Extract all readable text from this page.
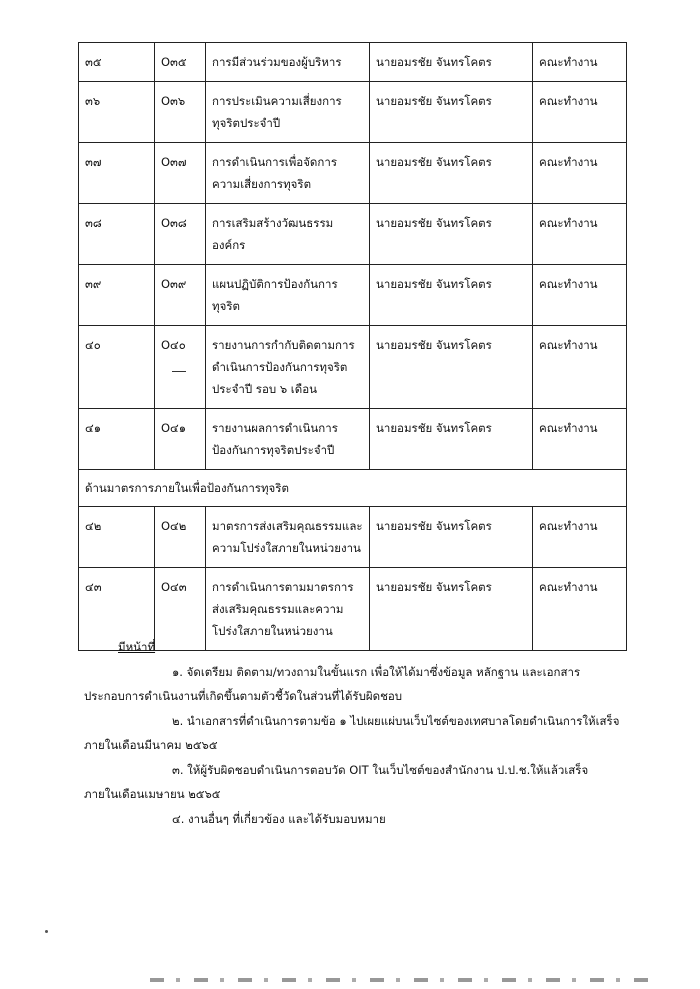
๓๕	O๓๕	การมีส่วนร่วมของผู้บริหาร	นายอมรชัย จันทรโคตร	คณะทำงาน
๓๖	O๓๖	การประเมินความเสี่ยงการทุจริตประจำปี	นายอมรชัย จันทรโคตร	คณะทำงาน
๓๗	O๓๗	การดำเนินการเพื่อจัดการความเสี่ยงการทุจริต	นายอมรชัย จันทรโคตร	คณะทำงาน
๓๘	O๓๘	การเสริมสร้างวัฒนธรรมองค์กร	นายอมรชัย จันทรโคตร	คณะทำงาน
๓๙	O๓๙	แผนปฏิบัติการป้องกันการทุจริต	นายอมรชัย จันทรโคตร	คณะทำงาน
๔๐	O๔๐	รายงานการกำกับติดตามการดำเนินการป้องกันการทุจริตประจำปี รอบ ๖ เดือน	นายอมรชัย จันทรโคตร	คณะทำงาน
๔๑	O๔๑	รายงานผลการดำเนินการป้องกันการทุจริตประจำปี	นายอมรชัย จันทรโคตร	คณะทำงาน
ด้านมาตรการภายในเพื่อป้องกันการทุจริต				
๔๒	O๔๒	มาตรการส่งเสริมคุณธรรมและความโปร่งใสภายในหน่วยงาน	นายอมรชัย จันทรโคตร	คณะทำงาน
๔๓	O๔๓	การดำเนินการตามมาตรการส่งเสริมคุณธรรมและความโปร่งใสภายในหน่วยงาน	นายอมรชัย จันทรโคตร	คณะทำงาน
มีหน้าที่

๑. จัดเตรียม ติดตาม/ทวงถามในขั้นแรก เพื่อให้ได้มาซึ่งข้อมูล หลักฐาน และเอกสาร

ประกอบการดำเนินงานที่เกิดขึ้นตามตัวชี้วัดในส่วนที่ได้รับผิดชอบ

๒. นำเอกสารที่ดำเนินการตามข้อ ๑ ไปเผยแผ่บนเว็บไซต์ของเทศบาลโดยดำเนินการให้เสร็จ

ภายในเดือนมีนาคม ๒๕๖๕

๓. ให้ผู้รับผิดชอบดำเนินการตอบวัด OIT ในเว็บไซต์ของสำนักงาน ป.ป.ช.ให้แล้วเสร็จ

ภายในเดือนเมษายน ๒๕๖๕

๔. งานอื่นๆ ที่เกี่ยวข้อง และได้รับมอบหมาย
